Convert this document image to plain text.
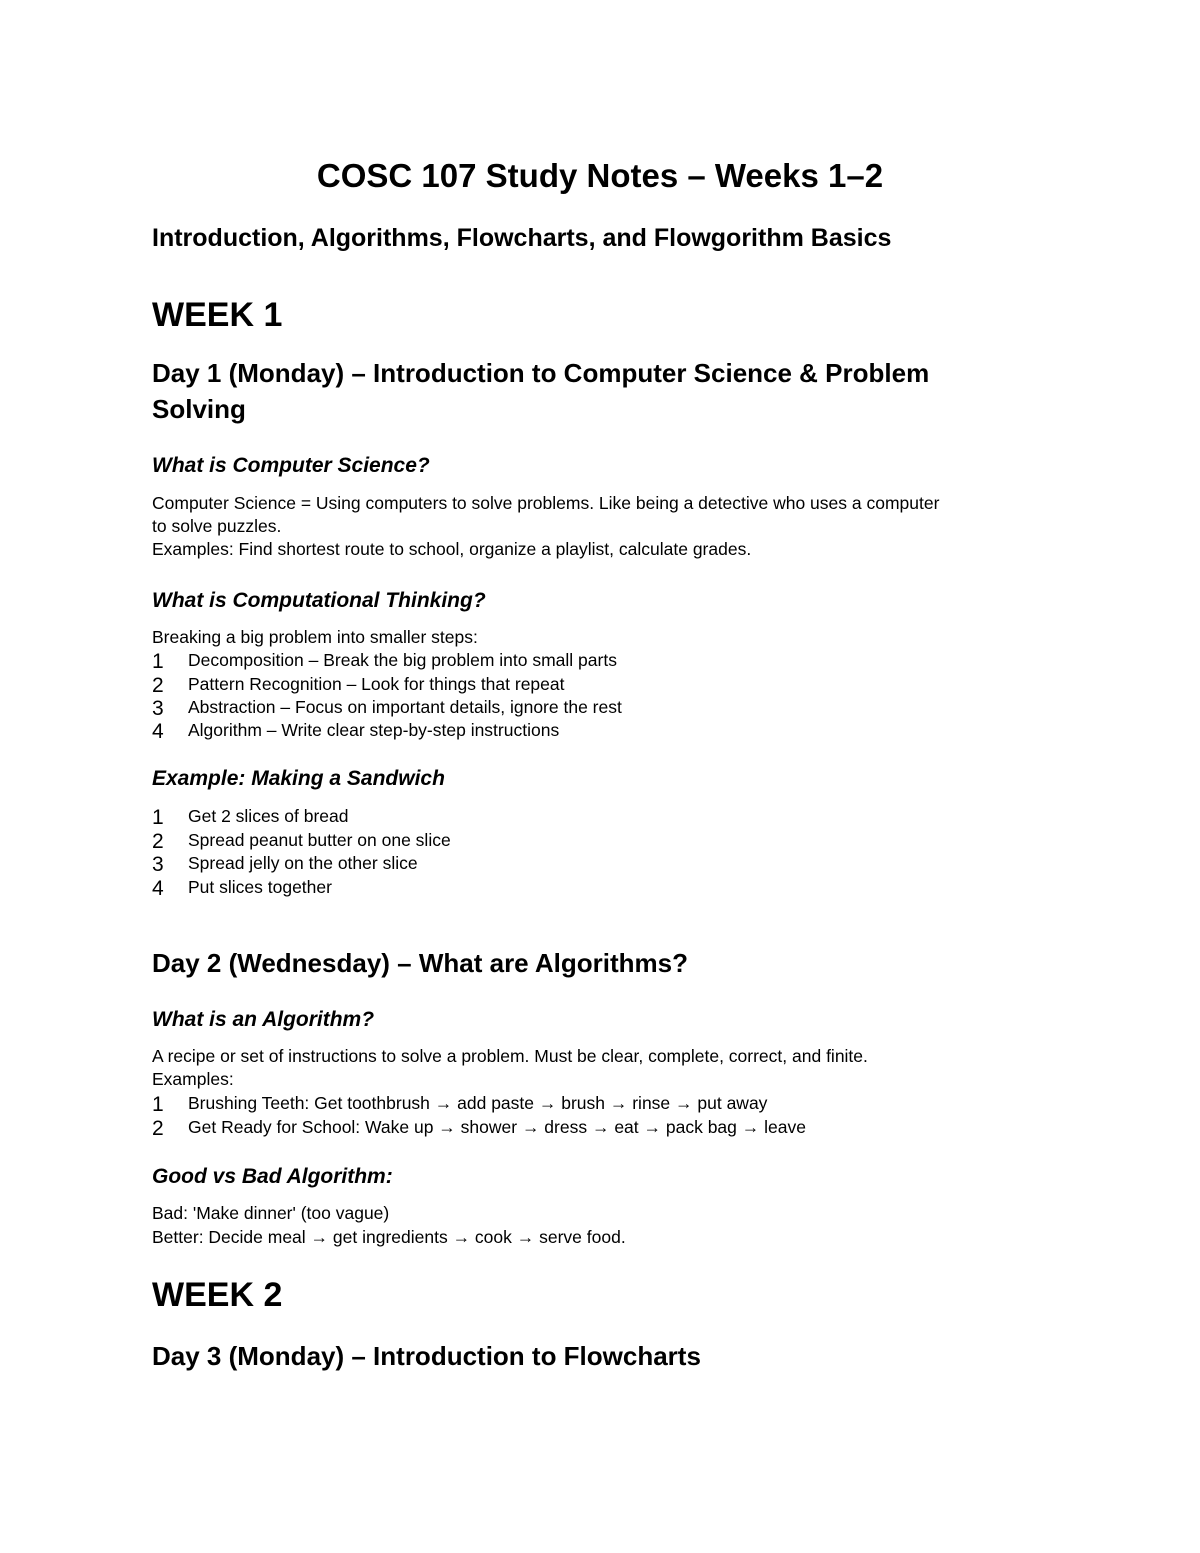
COSC 107 Study Notes – Weeks 1–2
Introduction, Algorithms, Flowcharts, and Flowgorithm Basics
WEEK 1
Day 1 (Monday) – Introduction to Computer Science & Problem
Solving
What is Computer Science?

Computer Science = Using computers to solve problems. Like being a detective who uses a computer

to solve puzzles.

Examples: Find shortest route to school, organize a playlist, calculate grades.

What is Computational Thinking?

Breaking a big problem into smaller steps:

1	Decomposition – Break the big problem into small parts
2	Pattern Recognition – Look for things that repeat
3	Abstraction – Focus on important details, ignore the rest
4	Algorithm – Write clear step-by-step instructions
Example: Making a Sandwich
1	Get 2 slices of bread
2	Spread peanut butter on one slice
3	Spread jelly on the other slice
4	Put slices together
Day 2 (Wednesday) – What are Algorithms?
What is an Algorithm?

A recipe or set of instructions to solve a problem. Must be clear, complete, correct, and finite.

Examples:

1	Brushing Teeth: Get toothbrush → add paste → brush → rinse → put away
2	Get Ready for School: Wake up → shower → dress → eat → pack bag → leave
Good vs Bad Algorithm:

Bad: 'Make dinner' (too vague)

Better: Decide meal → get ingredients → cook → serve food.

WEEK 2
Day 3 (Monday) – Introduction to Flowcharts
